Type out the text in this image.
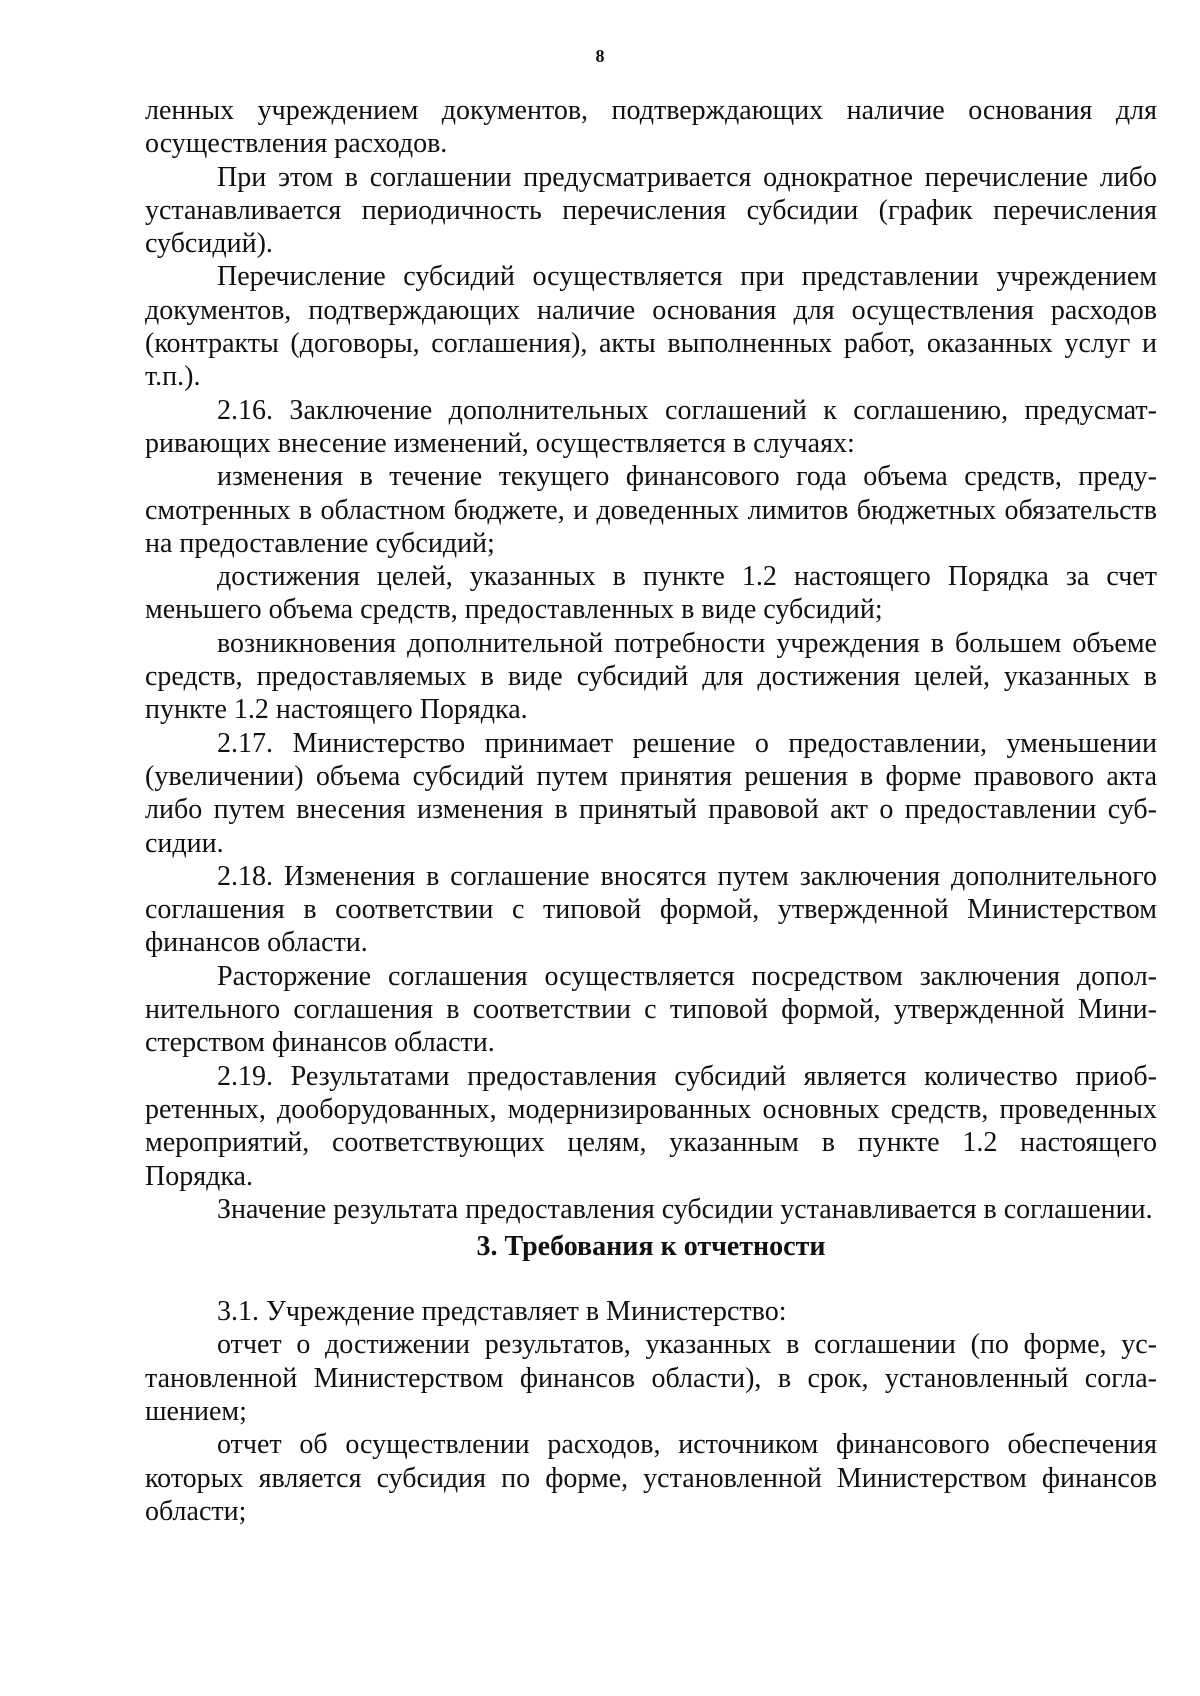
8

ленных учреждением документов, подтверждающих наличие основания для осуществления расходов.

При этом в соглашении предусматривается однократное перечисление либо устанавливается периодичность перечисления субсидии (график перечисления субсидий).

Перечисление субсидий осуществляется при представлении учреждением документов, подтверждающих наличие основания для осуществления расходов (контракты (договоры, соглашения), акты выполненных работ, оказанных услуг и т.п.).

2.16. Заключение дополнительных соглашений к соглашению, предусматривающих внесение изменений, осуществляется в случаях:

изменения в течение текущего финансового года объема средств, предусмотренных в областном бюджете, и доведенных лимитов бюджетных обязательств на предоставление субсидий;

достижения целей, указанных в пункте 1.2 настоящего Порядка за счет меньшего объема средств, предоставленных в виде субсидий;

возникновения дополнительной потребности учреждения в большем объеме средств, предоставляемых в виде субсидий для достижения целей, указанных в пункте 1.2 настоящего Порядка.

2.17. Министерство принимает решение о предоставлении, уменьшении (увеличении) объема субсидий путем принятия решения в форме правового акта либо путем внесения изменения в принятый правовой акт о предоставлении субсидии.

2.18. Изменения в соглашение вносятся путем заключения дополнительного соглашения в соответствии с типовой формой, утвержденной Министерством финансов области.

Расторжение соглашения осуществляется посредством заключения дополнительного соглашения в соответствии с типовой формой, утвержденной Министерством финансов области.

2.19. Результатами предоставления субсидий является количество приобретенных, дооборудованных, модернизированных основных средств, проведенных мероприятий, соответствующих целям, указанным в пункте 1.2 настоящего Порядка.

Значение результата предоставления субсидии устанавливается в соглашении.

3. Требования к отчетности

3.1. Учреждение представляет в Министерство:

отчет о достижении результатов, указанных в соглашении (по форме, установленной Министерством финансов области), в срок, установленный соглашением;

отчет об осуществлении расходов, источником финансового обеспечения которых является субсидия по форме, установленной Министерством финансов области;
